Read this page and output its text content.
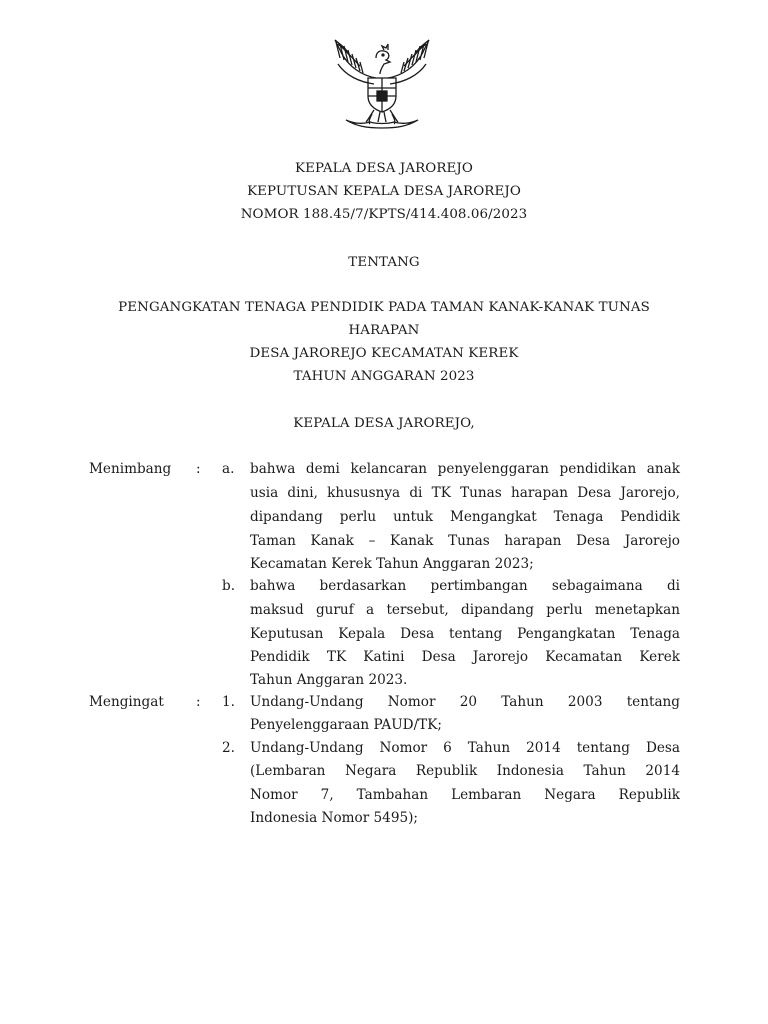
KEPALA DESA JAROREJO
KEPUTUSAN KEPALA DESA JAROREJO
NOMOR 188.45/7/KPTS/414.408.06/2023
TENTANG
PENGANGKATAN TENAGA PENDIDIK PADA TAMAN KANAK-KANAK TUNAS
HARAPAN
DESA JAROREJO KECAMATAN KEREK
TAHUN ANGGARAN 2023
KEPALA DESA JAROREJO,
Menimbang : a. bahwa demi kelancaran penyelenggaran pendidikan anak
usia dini, khususnya di TK Tunas harapan Desa Jarorejo,
dipandang perlu untuk Mengangkat Tenaga Pendidik
Taman Kanak – Kanak Tunas harapan Desa Jarorejo
Kecamatan Kerek Tahun Anggaran 2023;
b. bahwa berdasarkan pertimbangan sebagaimana di
maksud guruf a tersebut, dipandang perlu menetapkan
Keputusan Kepala Desa tentang Pengangkatan Tenaga
Pendidik TK Katini Desa Jarorejo Kecamatan Kerek
Tahun Anggaran 2023.
Mengingat : 1. Undang-Undang Nomor 20 Tahun 2003 tentang
Penyelenggaraan PAUD/TK;
2. Undang-Undang Nomor 6 Tahun 2014 tentang Desa
(Lembaran Negara Republik Indonesia Tahun 2014
Nomor 7, Tambahan Lembaran Negara Republik
Indonesia Nomor 5495);
